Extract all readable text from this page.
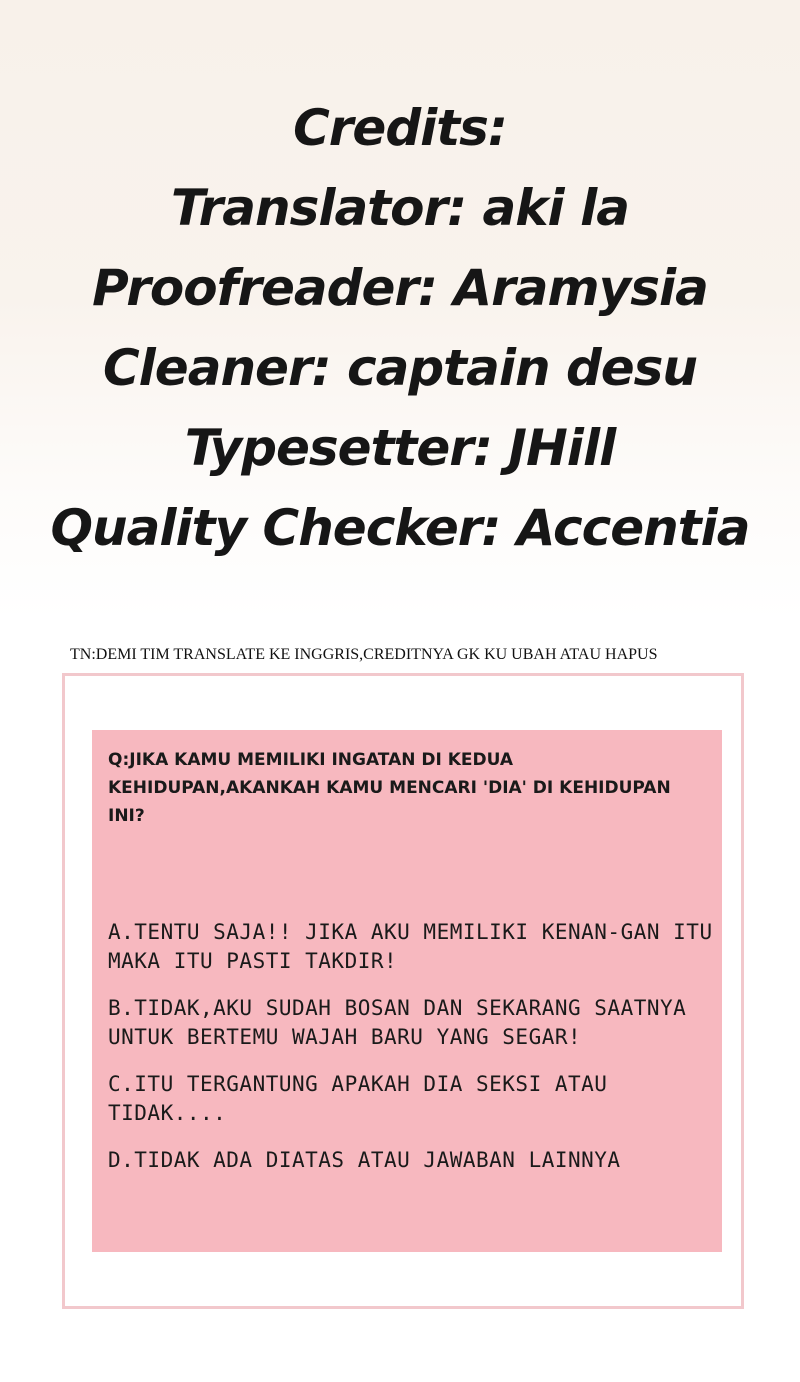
Credits:
Translator: aki la
Proofreader: Aramysia
Cleaner: captain desu
Typesetter: JHill
Quality Checker: Accentia
TN:DEMI TIM TRANSLATE KE INGGRIS,CREDITNYA GK KU UBAH ATAU HAPUS
Q:JIKA KAMU MEMILIKI INGATAN DI KEDUA KEHIDUPAN,AKANKAH KAMU MENCARI 'DIA' DI KEHIDUPAN INI?
A.TENTU SAJA!! JIKA AKU MEMILIKI KENAN-GAN ITU MAKA ITU PASTI TAKDIR!
B.TIDAK,AKU SUDAH BOSAN DAN SEKARANG SAATNYA UNTUK BERTEMU WAJAH BARU YANG SEGAR!
C.ITU TERGANTUNG APAKAH DIA SEKSI ATAU TIDAK....
D.TIDAK ADA DIATAS ATAU JAWABAN LAINNYA
